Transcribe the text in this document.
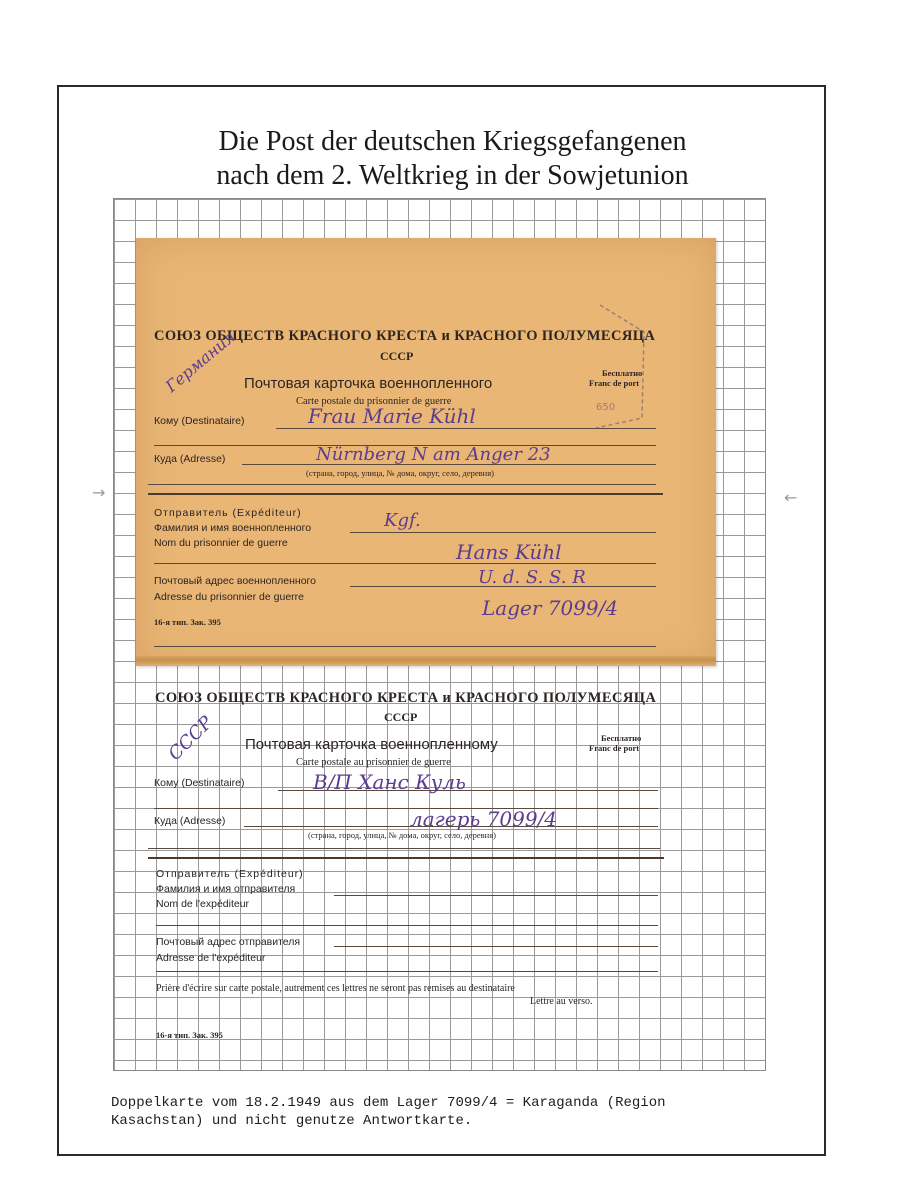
Die Post der deutschen Kriegsgefangenen
nach dem 2. Weltkrieg in der Sowjetunion
→	←
СОЮЗ ОБЩЕСТВ КРАСНОГО КРЕСТА и КРАСНОГО ПОЛУМЕСЯЦА
СССР
Почтовая карточка военнопленного
Carte postale du prisonnier de guerre
Бесплатно
Franc de port
Кому (Destinataire)
Куда (Adresse)
(страна, город, улица, № дома, округ, село, деревня)
Отправитель (Expéditeur)
Фамилия и имя военнопленного
Nom du prisonnier de guerre
Почтовый адрес военнопленного
Adresse du prisonnier de guerre
16-я тип. Зак. 395
Германия
Frau Marie Kühl
Nürnberg N am Anger 23
Kgf.
Hans Kühl
U. d. S. S. R
Lager 7099/4
650
СОЮЗ ОБЩЕСТВ КРАСНОГО КРЕСТА и КРАСНОГО ПОЛУМЕСЯЦА
СССР
Почтовая карточка военнопленному
Carte postale au prisonnier de guerre
Бесплатно
Franc de port
Кому (Destinataire)
Куда (Adresse)
(страна, город, улица, № дома, округ, село, деревня)
Отправитель (Expéditeur)
Фамилия и имя отправителя
Nom de l'expéditeur
Почтовый адрес отправителя
Adresse de l'expéditeur
Prière d'écrire sur carte postale, autrement ces lettres ne seront pas remises au destinataire
Lettre au verso.
16-я тип. Зак. 395
СССР
В/П Ханс Куль
лагерь 7099/4
Doppelkarte vom 18.2.1949 aus dem Lager 7099/4 = Karaganda (Region
Kasachstan) und nicht genutze Antwortkarte.
